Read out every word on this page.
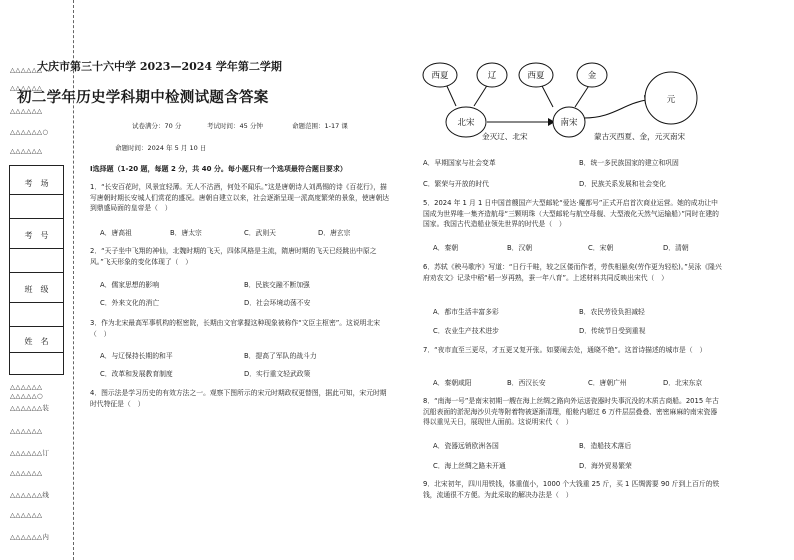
△△△△△△
△△△△△△
△△△△△△
△△△△△△○
△△△△△△
△△△△△△
△△△△△○
△△△△△△装
△△△△△△
△△△△△△订
△△△△△△
△△△△△△线
△△△△△△
△△△△△△内
考　场
考　号
班　级
姓　名
大庆市第三十六中学 2023—2024 学年第二学期
初二学年历史学科期中检测试题含答案
试卷满分：70 分	考试时间：45 分钟	命题范围：1-17 课
命题时间：2024 年 5 月 10 日
Ⅰ选择题（1-20 题，每题 2 分，共 40 分。每小题只有一个选项最符合题目要求）
1．“长安百花时，风景宜轻薄。无人不沽酒，何处不闻乐。”这是唐朝诗人刘禹锡的诗《百花行》，描写唐朝时期长安城人们赏花的盛况。唐朝自建立以来，社会逐渐呈现一派高度繁荣的景象，使唐朝达到鼎盛局面的皇帝是（　）
A．唐高祖	B．唐太宗	C．武则天	D．唐玄宗
2．“天子坐中飞翔的神仙，北魏时期的飞天，四体风格是主流，隋唐时期的飞天已经跳出中原之风。”飞天形象的变化体现了（　）
A．儒家思想的影响	B．民族交融不断加强
C．外来文化的消亡	D．社会环境动荡不安
3．作为北宋最高军事机构的枢密院，长期由文官掌握这种现象被称作“文臣主枢密”。这说明北宋（　）
A．与辽保持长期的和平	B．提高了军队的战斗力
C．改革和发展教育制度	D．实行重文轻武政策
4．图示法是学习历史的有效方法之一。观察下图所示的宋元时期政权更替图，据此可知，宋元时期时代特征是（　）
西夏	辽	西夏	金
北宋	南宋
元
金灭辽、北宋	蒙古灭西夏、金，元灭南宋
A．早期国家与社会变革	B．统一多民族国家的建立和巩固
C．繁荣与开放的时代	D．民族关系发展和社会变化
5．2024 年 1 月 1 日中国首艘国产大型邮轮“爱达·魔都号”正式开启首次商业运营。她的成功让中国成为世界唯一集齐造航母“三颗明珠（大型邮轮与航空母舰、大型液化天然气运输船）”同时在建的国家。我国古代造船业领先世界的时代是（　）
A．秦朝	B．汉朝	C．宋朝	D．清朝
6．苏轼《秧马歌序》写道：“日行千畦，较之区偻而作者，劳佚相悬矣(劳作更为轻松)。”吴泳《隆兴府劝农文》记录中稻“稻一岁再熟，蚕一年八育”。上述材料共同反映出宋代（　）
A．都市生活丰富多彩	B．农民劳役负担减轻
C．农业生产技术进步	D．传统节日受到重视
7．“夜市直至三更尽，才五更又复开张。如要闹去处，通晓不绝”。这首诗描述的城市是（　）
A．秦朝咸阳	B．西汉长安	C．唐朝广州	D．北宋东京
8．“南海一号”是南宋初期一艘在海上丝绸之路向外运送瓷器时失事沉没的木质古商船。2015 年古沉船表面的淤泥海沙贝壳等附着物被逐渐清理，船舱内超过 6 万件层层叠叠、密密麻麻的南宋瓷器得以重见天日，展现世人面前。这说明宋代（　）
A．瓷器远销欧洲各国	B．造船技术落后
C．海上丝绸之路未开通	D．海外贸易繁荣
9．北宋初年，四川用铁钱，体重值小，1000 个大钱重 25 斤，买 1 匹绸需要 90 斤到上百斤的铁钱，流通很不方便。为此采取的解决办法是（　）
